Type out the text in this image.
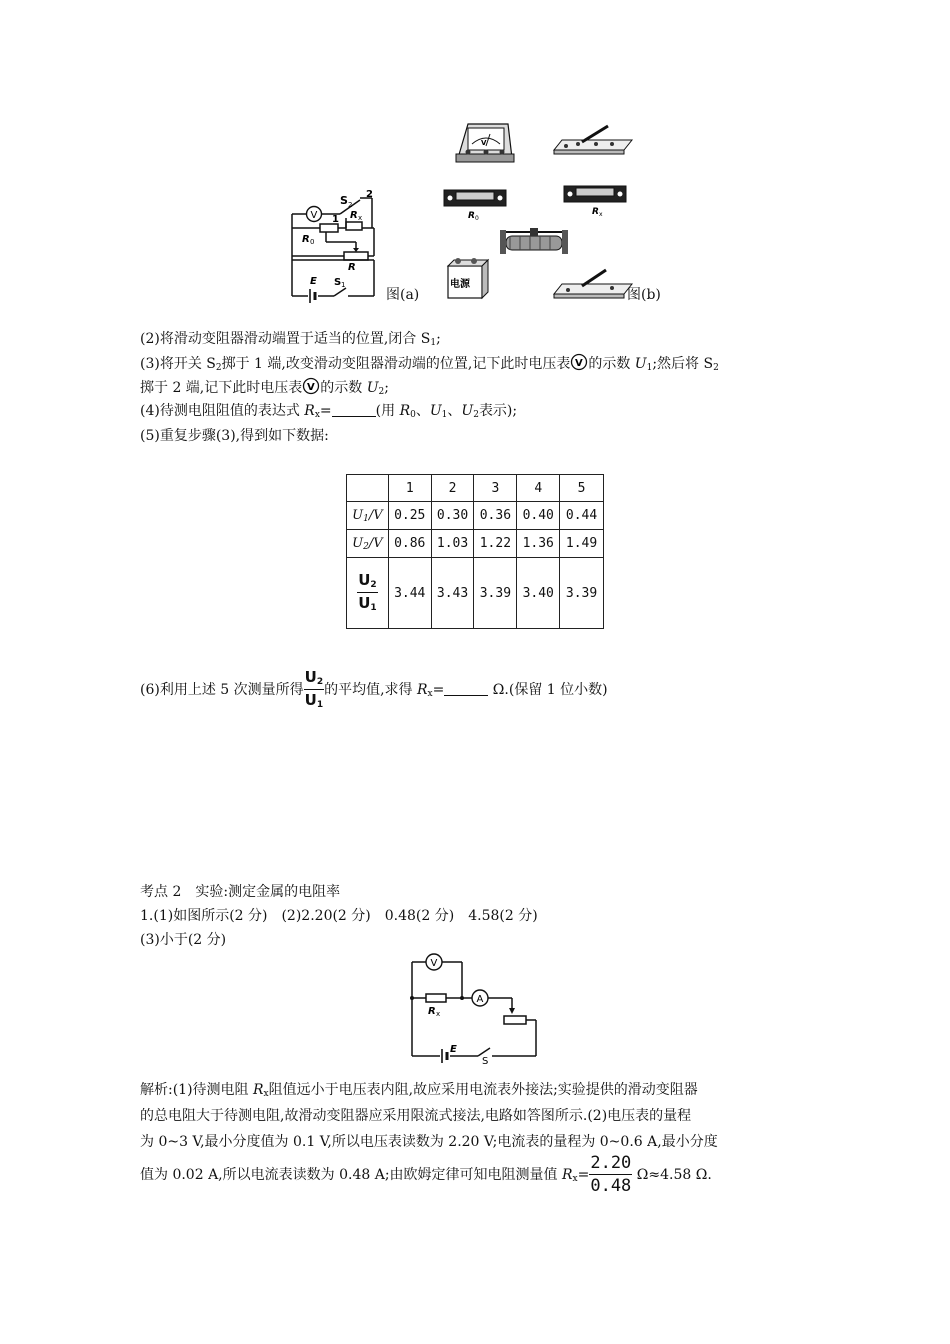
V
S 2
2
1 R x
R 0
R
E S 1
图(a)
V
R 0
R x
电源
图(b)
(2)将滑动变阻器滑动端置于适当的位置,闭合 $S_1$;
(3)将开关 $S_2$掷于 1 端,改变滑动变阻器滑动端的位置,记下此时电压表 V 的示数 $U_1$;然后将 $S_2$
掷于 2 端,记下此时电压表 V 的示数 $U_2$;
(4)待测电阻阻值的表达式 $R_x=$	(用 $R_0$、$U_1$、$U_2$表示);
(5)重复步骤(3),得到如下数据:
	1	2	3	4	5
$U_1/V$	0.25	0.30	0.36	0.40	0.44
$U_2/V$	0.86	1.03	1.22	1.36	1.49

$\frac{U_2}{U_1}$	3.44	3.43	3.39	3.40	3.39
(6)利用上述 5 次测量所得 $\frac{U_2}{U_1}$ 的平均值,求得 $R_x=$	Ω.(保留 1 位小数)
考点 2　实验:测定金属的电阻率
1.(1)如图所示(2 分)　(2)2.20(2 分)　0.48(2 分)　4.58(2 分)
(3)小于(2 分)
V
A
R x
E
S
解析:(1)待测电阻 $R_x$阻值远小于电压表内阻,故应采用电流表外接法;实验提供的滑动变阻器
的总电阻大于待测电阻,故滑动变阻器应采用限流式接法,电路如答图所示.(2)电压表的量程
为 0~3 V,最小分度值为 0.1 V,所以电压表读数为 2.20 V;电流表的量程为 0~0.6 A,最小分度
值为 0.02 A,所以电流表读数为 0.48 A;由欧姆定律可知电阻测量值 $R_x= \frac{2.20}{0.48} \Omega\approx 4.58$ Ω.
